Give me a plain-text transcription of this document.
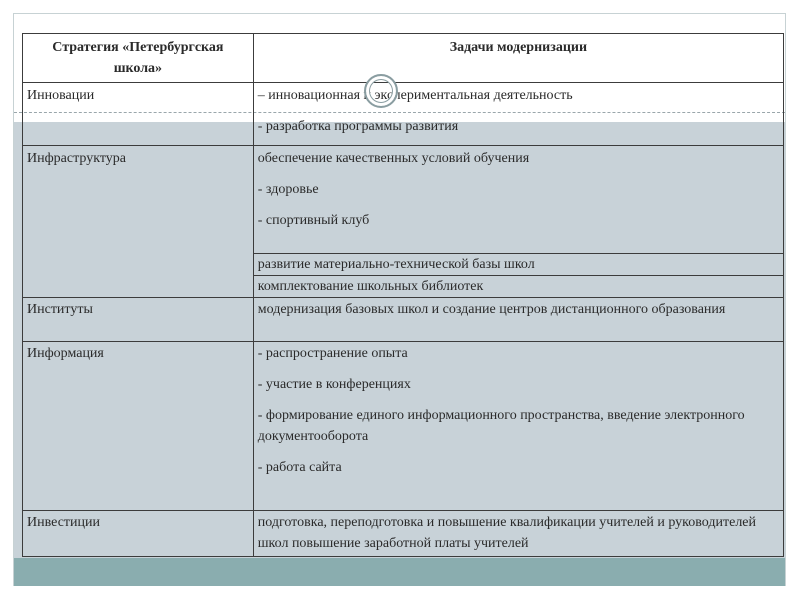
Стратегия «Петербургская школа»	Задачи модернизации
Инновации	– инновационная и экспериментальная деятельность

- разработка программы развития

Инфраструктура	обеспечение качественных условий обучения

- здоровье

- спортивный клуб

	развитие материально-технической базы школ
	комплектование школьных библиотек
Институты	модернизация базовых школ и создание центров дистанционного образования
Информация	- распространение опыта

- участие в конференциях

- формирование единого информационного пространства, введение электронного документооборота

- работа сайта

Инвестиции	подготовка, переподготовка и повышение квалификации учителей и руководителей школ повышение заработной платы учителей
